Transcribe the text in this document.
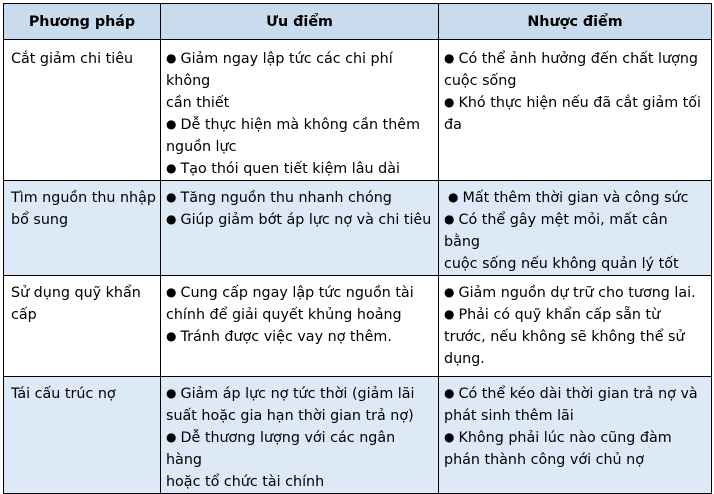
Phương pháp	Ưu điểm	Nhược điểm

Cắt giảm chi tiêu	● Giảm ngay lập tức các chi phí không
cần thiết
● Dễ thực hiện mà không cần thêm
nguồn lực
● Tạo thói quen tiết kiệm lâu dài	● Có thể ảnh hưởng đến chất lượng
cuộc sống
● Khó thực hiện nếu đã cắt giảm tối
đa

Tìm nguồn thu nhập
bổ sung	● Tăng nguồn thu nhanh chóng
● Giúp giảm bớt áp lực nợ và chi tiêu	● Mất thêm thời gian và công sức
● Có thể gây mệt mỏi, mất cân bằng
cuộc sống nếu không quản lý tốt

Sử dụng quỹ khẩn
cấp	● Cung cấp ngay lập tức nguồn tài
chính để giải quyết khủng hoảng
● Tránh được việc vay nợ thêm.	● Giảm nguồn dự trữ cho tương lai.
● Phải có quỹ khẩn cấp sẵn từ
trước, nếu không sẽ không thể sử
dụng.

Tái cấu trúc nợ	● Giảm áp lực nợ tức thời (giảm lãi
suất hoặc gia hạn thời gian trả nợ)
● Dễ thương lượng với các ngân hàng
hoặc tổ chức tài chính	● Có thể kéo dài thời gian trả nợ và
phát sinh thêm lãi
● Không phải lúc nào cũng đàm
phán thành công với chủ nợ
